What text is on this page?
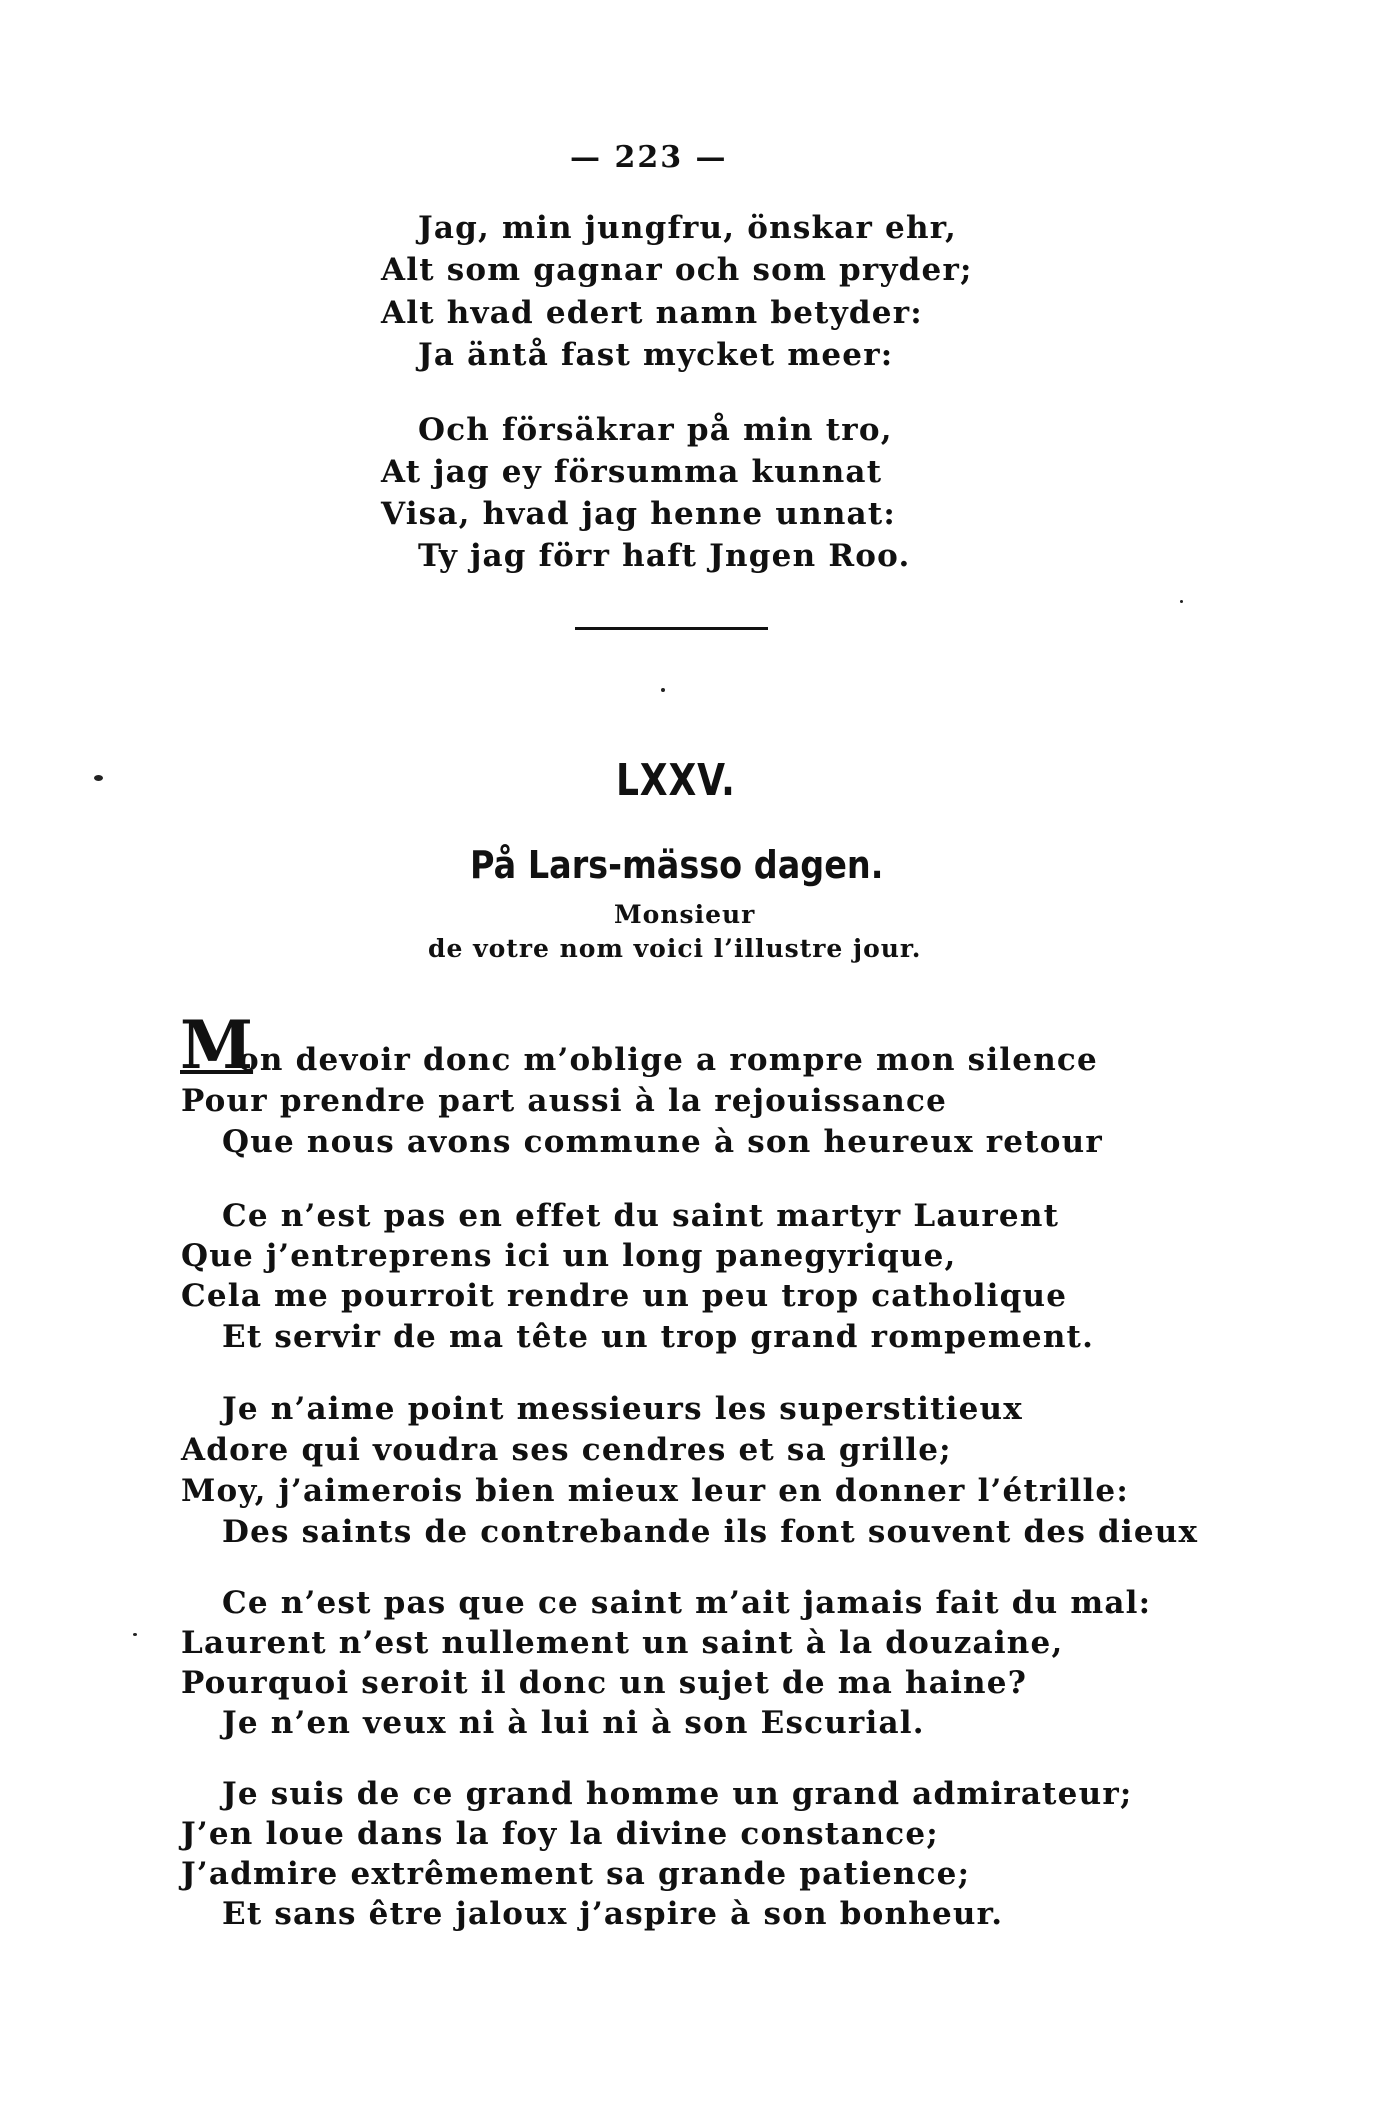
— 223 —
Jag, min jungfru, önskar ehr,
Alt som gagnar och som pryder;
Alt hvad edert namn betyder:
Ja äntå fast mycket meer:
Och försäkrar på min tro,
At jag ey försumma kunnat
Visa, hvad jag henne unnat:
Ty jag förr haft Jngen Roo.
LXXV.
På Lars-mässo dagen.
Monsieur
de votre nom voici l’illustre jour.
M
on devoir donc m’oblige a rompre mon silence
Pour prendre part aussi à la rejouissance
Que nous avons commune à son heureux retour
Ce n’est pas en effet du saint martyr Laurent
Que j’entreprens ici un long panegyrique,
Cela me pourroit rendre un peu trop catholique
Et servir de ma tête un trop grand rompement.
Je n’aime point messieurs les superstitieux
Adore qui voudra ses cendres et sa grille;
Moy, j’aimerois bien mieux leur en donner l’étrille:
Des saints de contrebande ils font souvent des dieux
Ce n’est pas que ce saint m’ait jamais fait du mal:
Laurent n’est nullement un saint à la douzaine,
Pourquoi seroit il donc un sujet de ma haine?
Je n’en veux ni à lui ni à son Escurial.
Je suis de ce grand homme un grand admirateur;
J’en loue dans la foy la divine constance;
J’admire extrêmement sa grande patience;
Et sans être jaloux j’aspire à son bonheur.
